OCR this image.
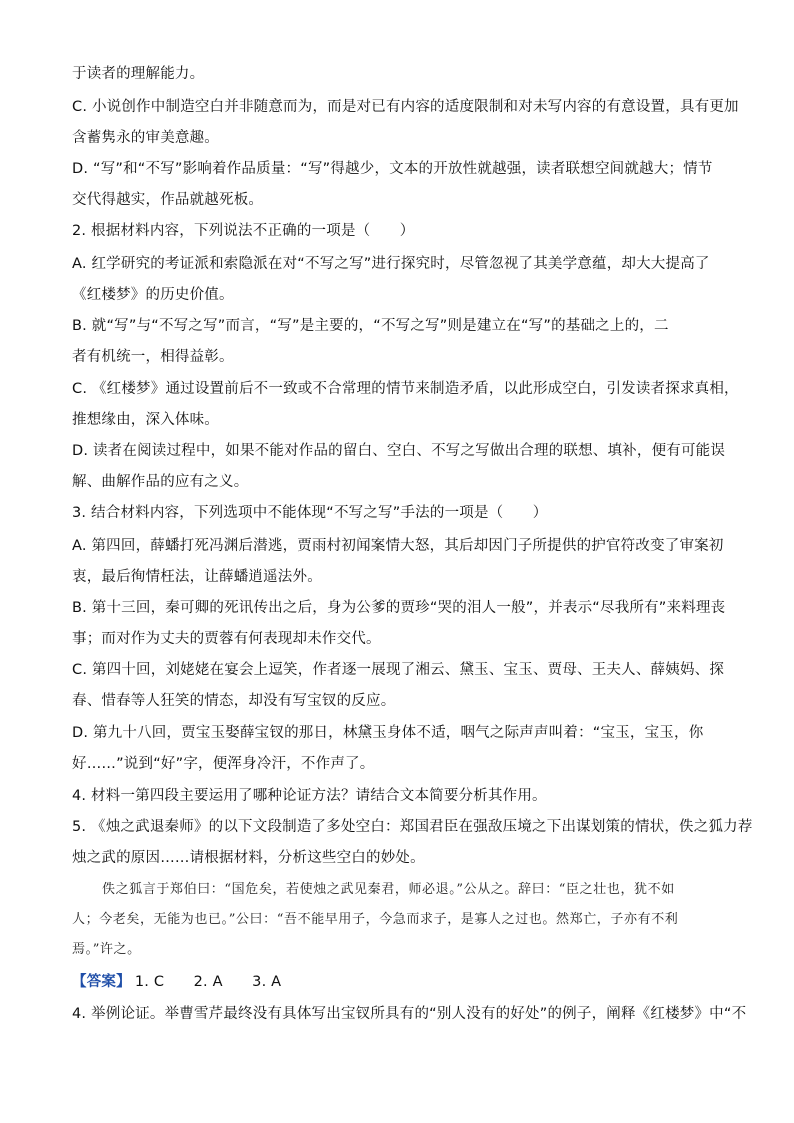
于读者的理解能力。
C. 小说创作中制造空白并非随意而为，而是对已有内容的适度限制和对未写内容的有意设置，具有更加
含蓄隽永的审美意趣。
D. “写”和“不写”影响着作品质量：“写”得越少，文本的开放性就越强，读者联想空间就越大；情节
交代得越实，作品就越死板。
2. 根据材料内容，下列说法不正确的一项是（　　）
A. 红学研究的考证派和索隐派在对“不写之写”进行探究时，尽管忽视了其美学意蕴，却大大提高了
《红楼梦》的历史价值。
B. 就“写”与“不写之写”而言，“写”是主要的，“不写之写”则是建立在“写”的基础之上的，二
者有机统一，相得益彰。
C. 《红楼梦》通过设置前后不一致或不合常理的情节来制造矛盾，以此形成空白，引发读者探求真相，
推想缘由，深入体味。
D. 读者在阅读过程中，如果不能对作品的留白、空白、不写之写做出合理的联想、填补，便有可能误
解、曲解作品的应有之义。
3. 结合材料内容，下列选项中不能体现“不写之写”手法的一项是（　　）
A. 第四回，薛蟠打死冯渊后潜逃，贾雨村初闻案情大怒，其后却因门子所提供的护官符改变了审案初
衷，最后徇情枉法，让薛蟠逍遥法外。
B. 第十三回，秦可卿的死讯传出之后，身为公爹的贾珍“哭的泪人一般”，并表示“尽我所有”来料理丧
事；而对作为丈夫的贾蓉有何表现却未作交代。
C. 第四十回，刘姥姥在宴会上逗笑，作者逐一展现了湘云、黛玉、宝玉、贾母、王夫人、薛姨妈、探
春、惜春等人狂笑的情态，却没有写宝钗的反应。
D. 第九十八回，贾宝玉娶薛宝钗的那日，林黛玉身体不适，咽气之际声声叫着：“宝玉，宝玉，你
好……”说到“好”字，便浑身冷汗，不作声了。
4. 材料一第四段主要运用了哪种论证方法？请结合文本简要分析其作用。
5. 《烛之武退秦师》的以下文段制造了多处空白：郑国君臣在强敌压境之下出谋划策的情状，佚之狐力荐
烛之武的原因……请根据材料，分析这些空白的妙处。
佚之狐言于郑伯曰：“国危矣，若使烛之武见秦君，师必退。”公从之。辞曰：“臣之壮也，犹不如
人；今老矣，无能为也已。”公曰：“吾不能早用子，今急而求子，是寡人之过也。然郑亡，子亦有不利
焉。”许之。
【答案】 1. C　　2. A　　3. A
4. 举例论证。举曹雪芹最终没有具体写出宝钗所具有的“别人没有的好处”的例子，阐释《红楼梦》中“不
